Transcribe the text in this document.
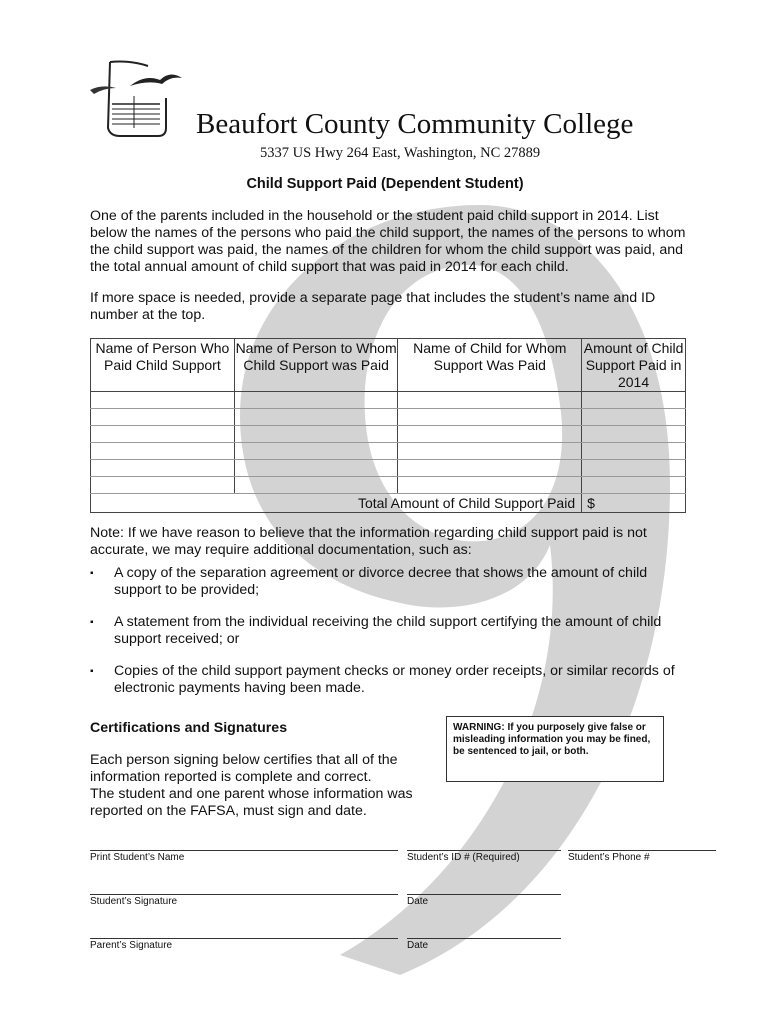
Beaufort County Community College
5337 US Hwy 264 East, Washington, NC 27889
Child Support Paid (Dependent Student)
One of the parents included in the household or the student paid child support in 2014. List below the names of the persons who paid the child support, the names of the persons to whom the child support was paid, the names of the children for whom the child support was paid, and the total annual amount of child support that was paid in 2014 for each child.
If more space is needed, provide a separate page that includes the student’s name and ID number at the top.
Name of Person Who Paid Child Support	Name of Person to Whom Child Support was Paid	Name of Child for Whom Support Was Paid	Amount of Child Support Paid in 2014

Total Amount of Child Support Paid			$
Note: If we have reason to believe that the information regarding child support paid is not accurate, we may require additional documentation, such as:
▪ A copy of the separation agreement or divorce decree that shows the amount of child support to be provided;
▪ A statement from the individual receiving the child support certifying the amount of child support received; or
▪ Copies of the child support payment checks or money order receipts, or similar records of electronic payments having been made.
Certifications and Signatures
Each person signing below certifies that all of the information reported is complete and correct.
The student and one parent whose information was reported on the FAFSA, must sign and date.
WARNING: If you purposely give false or misleading information you may be fined, be sentenced to jail, or both.
Print Student’s Name	Student’s ID # (Required)	Student’s Phone #
Student’s Signature	Date
Parent’s Signature	Date
